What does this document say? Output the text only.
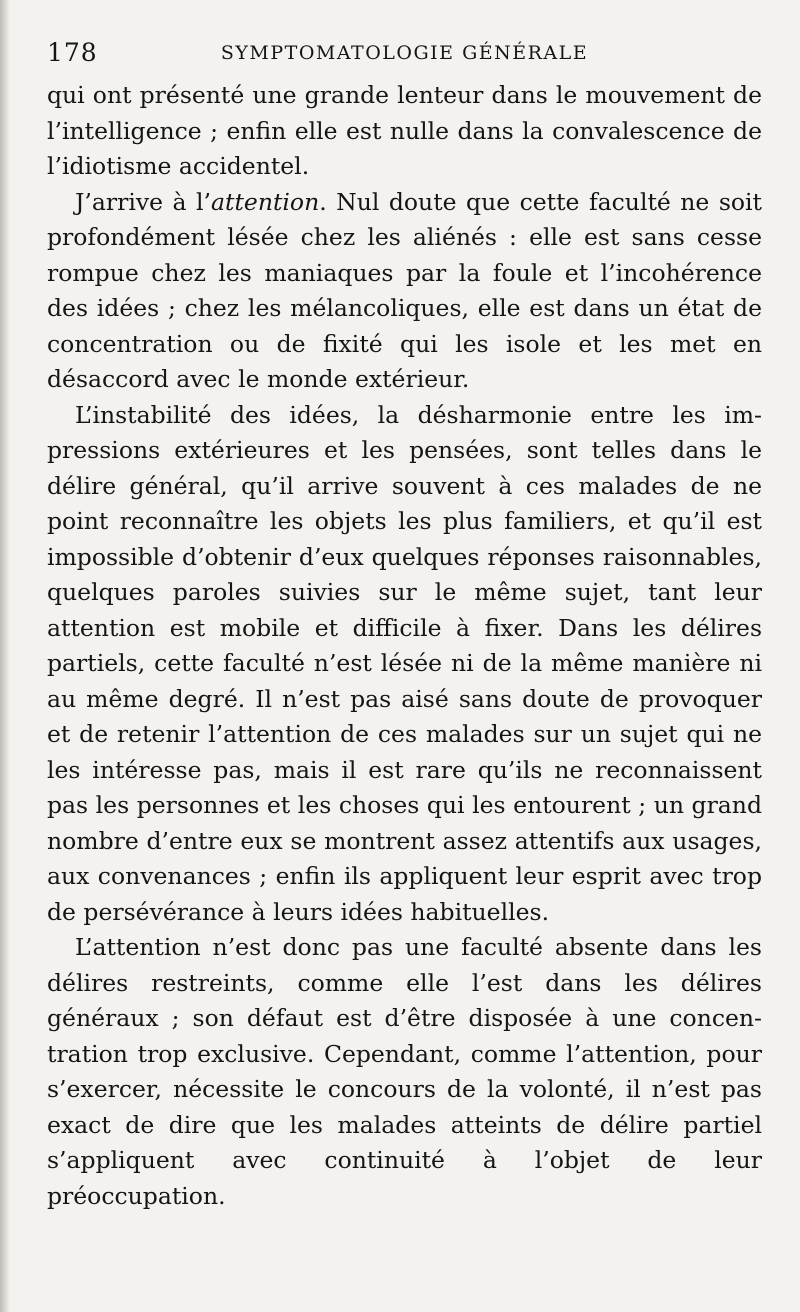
178	SYMPTOMATOLOGIE GÉNÉRALE

qui ont présenté une grande lenteur dans le mouvement de l’intelligence ; enfin elle est nulle dans la convalescence de l’idiotisme accidentel.

J’arrive à l’attention. Nul doute que cette faculté ne soit profondément lésée chez les aliénés : elle est sans cesse rompue chez les maniaques par la foule et l’incohérence des idées ; chez les mélancoliques, elle est dans un état de concentration ou de fixité qui les isole et les met en désaccord avec le monde extérieur.

L’instabilité des idées, la désharmonie entre les impressions extérieures et les pensées, sont telles dans le délire général, qu’il arrive souvent à ces malades de ne point reconnaître les objets les plus familiers, et qu’il est impossible d’obtenir d’eux quelques réponses raisonnables, quelques paroles suivies sur le même sujet, tant leur attention est mobile et difficile à fixer. Dans les délires partiels, cette faculté n’est lésée ni de la même manière ni au même degré. Il n’est pas aisé sans doute de provoquer et de retenir l’attention de ces malades sur un sujet qui ne les intéresse pas, mais il est rare qu’ils ne reconnaissent pas les personnes et les choses qui les entourent ; un grand nombre d’entre eux se montrent assez attentifs aux usages, aux convenances ; enfin ils appliquent leur esprit avec trop de persévérance à leurs idées habituelles.

L’attention n’est donc pas une faculté absente dans les délires restreints, comme elle l’est dans les délires généraux ; son défaut est d’être disposée à une concentration trop exclusive. Cependant, comme l’attention, pour s’exercer, nécessite le concours de la volonté, il n’est pas exact de dire que les malades atteints de délire partiel s’appliquent avec continuité à l’objet de leur préoccupation.
